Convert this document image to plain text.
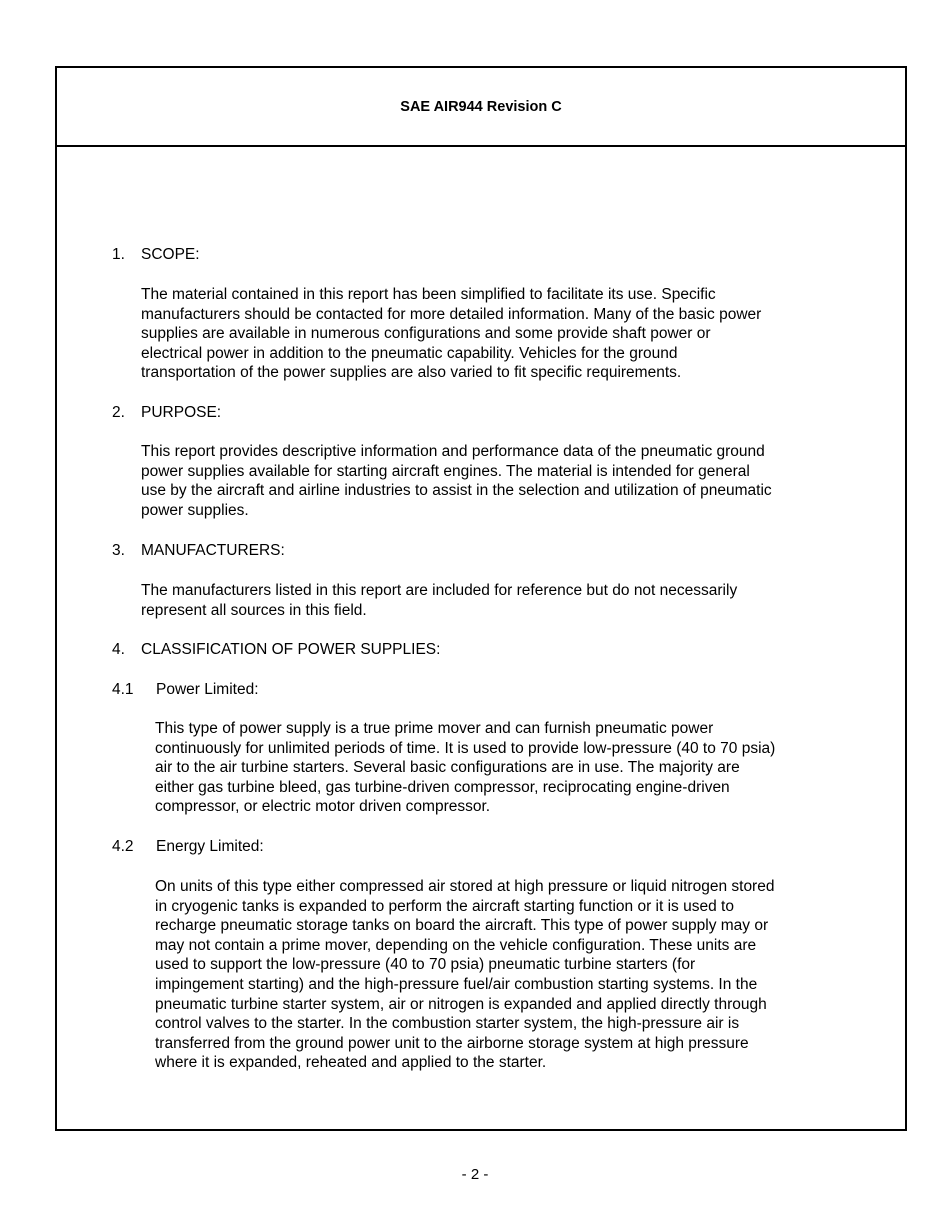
SAE AIR944 Revision C
1. SCOPE:
The material contained in this report has been simplified to facilitate its use. Specific
manufacturers should be contacted for more detailed information. Many of the basic power
supplies are available in numerous configurations and some provide shaft power or
electrical power in addition to the pneumatic capability. Vehicles for the ground
transportation of the power supplies are also varied to fit specific requirements.
2. PURPOSE:
This report provides descriptive information and performance data of the pneumatic ground
power supplies available for starting aircraft engines. The material is intended for general
use by the aircraft and airline industries to assist in the selection and utilization of pneumatic
power supplies.
3. MANUFACTURERS:
The manufacturers listed in this report are included for reference but do not necessarily
represent all sources in this field.
4. CLASSIFICATION OF POWER SUPPLIES:
4.1 Power Limited:
This type of power supply is a true prime mover and can furnish pneumatic power
continuously for unlimited periods of time. It is used to provide low-pressure (40 to 70 psia)
air to the air turbine starters. Several basic configurations are in use. The majority are
either gas turbine bleed, gas turbine-driven compressor, reciprocating engine-driven
compressor, or electric motor driven compressor.
4.2 Energy Limited:
On units of this type either compressed air stored at high pressure or liquid nitrogen stored
in cryogenic tanks is expanded to perform the aircraft starting function or it is used to
recharge pneumatic storage tanks on board the aircraft. This type of power supply may or
may not contain a prime mover, depending on the vehicle configuration. These units are
used to support the low-pressure (40 to 70 psia) pneumatic turbine starters (for
impingement starting) and the high-pressure fuel/air combustion starting systems. In the
pneumatic turbine starter system, air or nitrogen is expanded and applied directly through
control valves to the starter. In the combustion starter system, the high-pressure air is
transferred from the ground power unit to the airborne storage system at high pressure
where it is expanded, reheated and applied to the starter.
- 2 -
